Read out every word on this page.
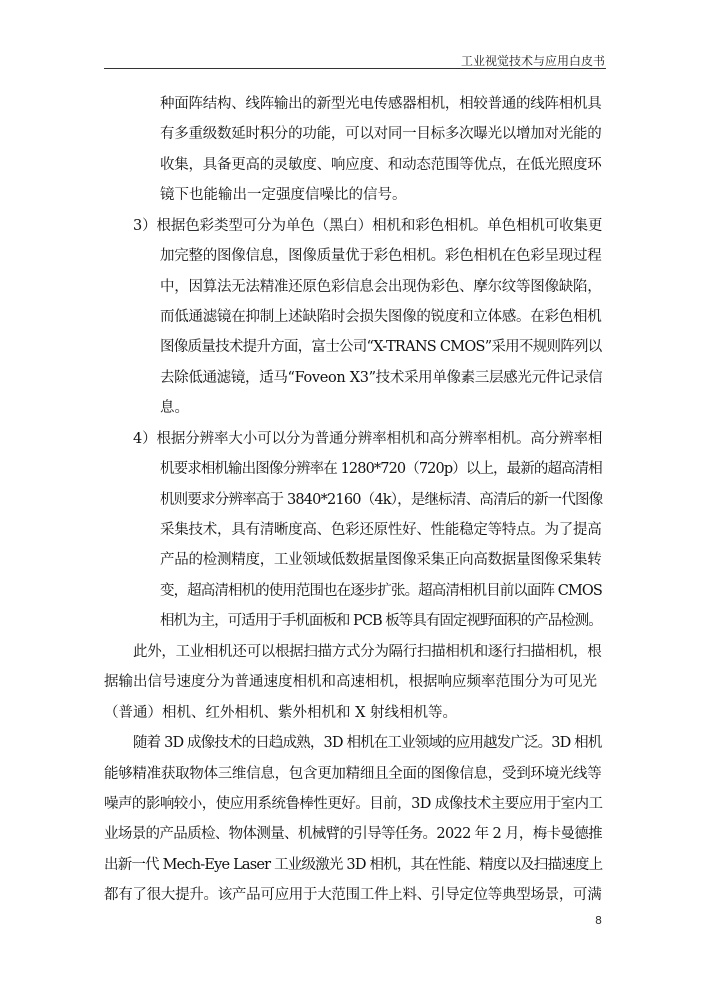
工业视觉技术与应用白皮书
种面阵结构、线阵输出的新型光电传感器相机，相较普通的线阵相机具
有多重级数延时积分的功能，可以对同一目标多次曝光以增加对光能的
收集，具备更高的灵敏度、响应度、和动态范围等优点，在低光照度环
镜下也能输出一定强度信噪比的信号。
3）根据色彩类型可分为单色（黑白）相机和彩色相机。单色相机可收集更
加完整的图像信息，图像质量优于彩色相机。彩色相机在色彩呈现过程
中，因算法无法精准还原色彩信息会出现伪彩色、摩尔纹等图像缺陷，
而低通滤镜在抑制上述缺陷时会损失图像的锐度和立体感。在彩色相机
图像质量技术提升方面，富士公司“X-TRANS CMOS”采用不规则阵列以
去除低通滤镜，适马“Foveon X3”技术采用单像素三层感光元件记录信
息。
4）根据分辨率大小可以分为普通分辨率相机和高分辨率相机。高分辨率相
机要求相机输出图像分辨率在 1280*720（720p）以上，最新的超高清相
机则要求分辨率高于 3840*2160（4k），是继标清、高清后的新一代图像
采集技术，具有清晰度高、色彩还原性好、性能稳定等特点。为了提高
产品的检测精度，工业领域低数据量图像采集正向高数据量图像采集转
变，超高清相机的使用范围也在逐步扩张。超高清相机目前以面阵 CMOS
相机为主，可适用于手机面板和 PCB 板等具有固定视野面积的产品检测。
此外，工业相机还可以根据扫描方式分为隔行扫描相机和逐行扫描相机，根
据输出信号速度分为普通速度相机和高速相机，根据响应频率范围分为可见光
（普通）相机、红外相机、紫外相机和 X 射线相机等。
随着 3D 成像技术的日趋成熟，3D 相机在工业领域的应用越发广泛。3D 相机
能够精准获取物体三维信息，包含更加精细且全面的图像信息，受到环境光线等
噪声的影响较小，使应用系统鲁棒性更好。目前，3D 成像技术主要应用于室内工
业场景的产品质检、物体测量、机械臂的引导等任务。2022 年 2 月，梅卡曼德推
出新一代 Mech-Eye Laser 工业级激光 3D 相机，其在性能、精度以及扫描速度上
都有了很大提升。该产品可应用于大范围工件上料、引导定位等典型场景，可满
8
